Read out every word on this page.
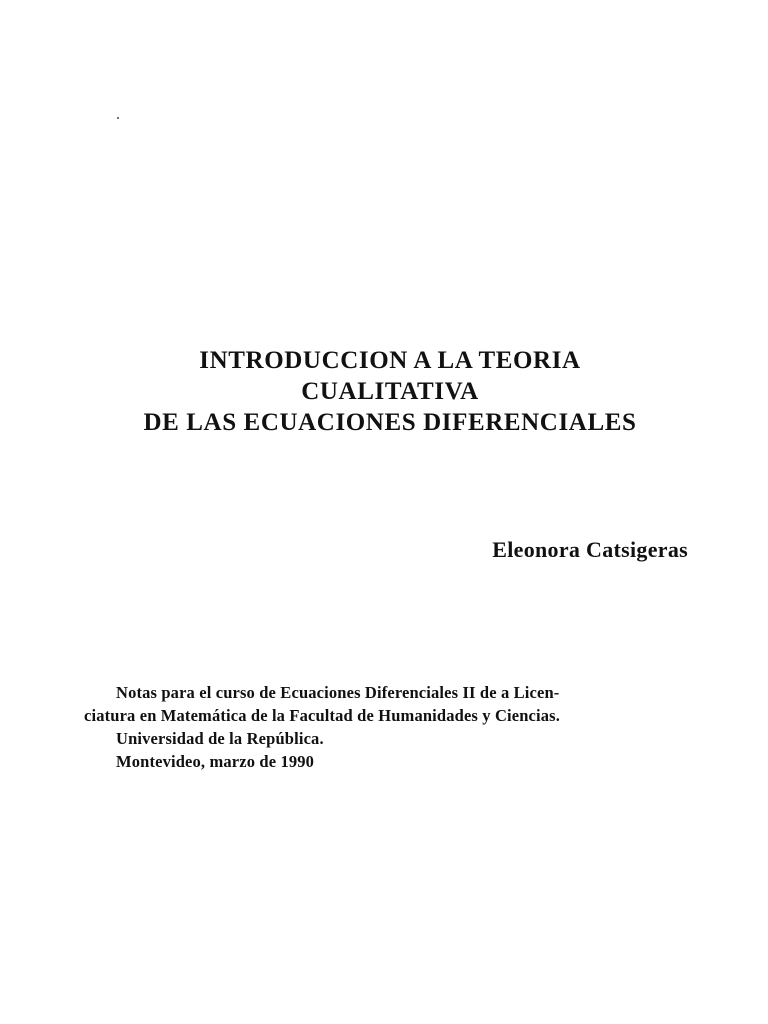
INTRODUCCION A LA TEORIA
CUALITATIVA
DE LAS ECUACIONES DIFERENCIALES
Eleonora Catsigeras
Notas para el curso de Ecuaciones Diferenciales II de a Licen-
ciatura en Matemática de la Facultad de Humanidades y Ciencias.
Universidad de la República.
Montevideo, marzo de 1990
